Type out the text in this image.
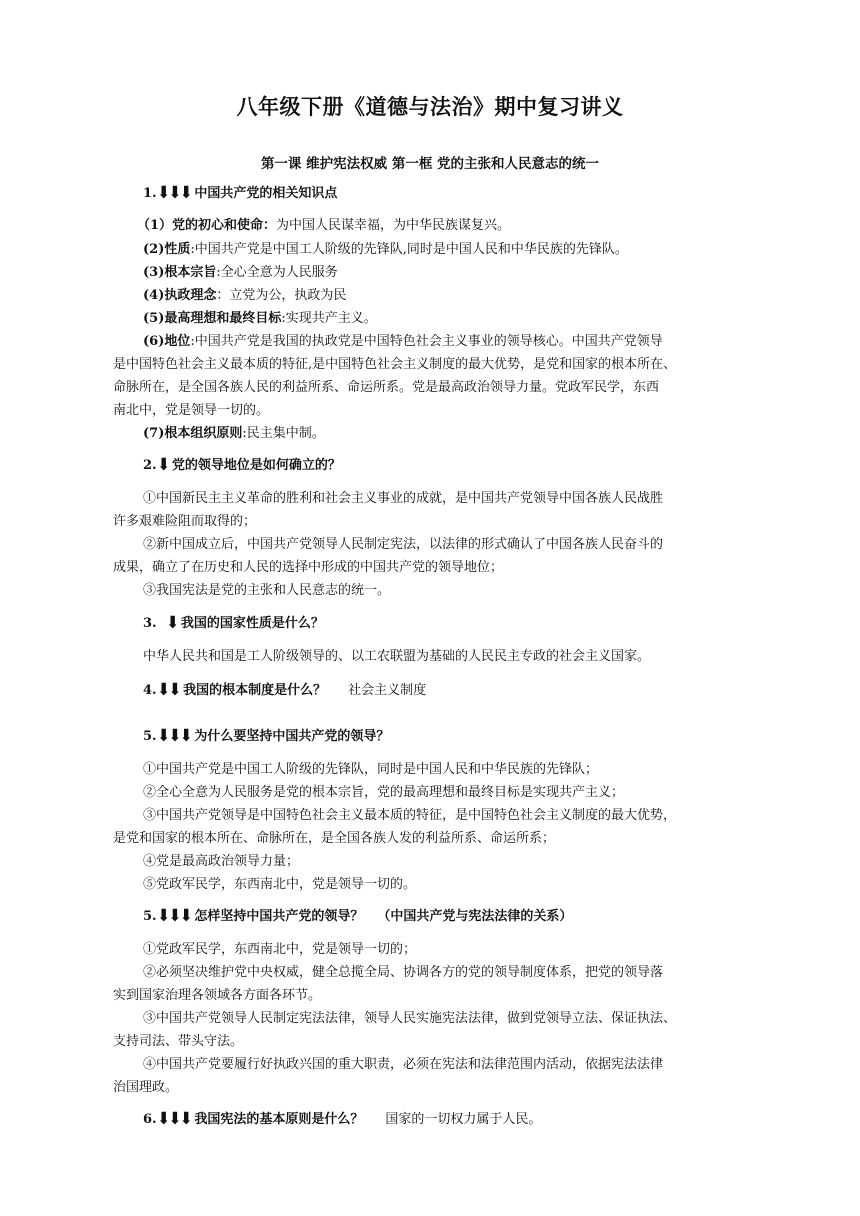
八年级下册《道德与法治》期中复习讲义
第一课 维护宪法权威 第一框 党的主张和人民意志的统一
1.⬇⬇⬇ 中国共产党的相关知识点
（1）党的初心和使命：为中国人民谋幸福，为中华民族谋复兴。
(2)性质:中国共产党是中国工人阶级的先锋队,同时是中国人民和中华民族的先锋队。
(3)根本宗旨:全心全意为人民服务
(4)执政理念：立党为公，执政为民
(5)最高理想和最终目标:实现共产主义。
(6)地位:中国共产党是我国的执政党是中国特色社会主义事业的领导核心。中国共产党领导
是中国特色社会主义最本质的特征,是中国特色社会主义制度的最大优势，是党和国家的根本所在、
命脉所在，是全国各族人民的利益所系、命运所系。党是最高政治领导力量。党政军民学，东西
南北中，党是领导一切的。
(7)根本组织原则:民主集中制。
2.⬇ 党的领导地位是如何确立的？
①中国新民主主义革命的胜利和社会主义事业的成就，是中国共产党领导中国各族人民战胜
许多艰难险阻而取得的；
②新中国成立后，中国共产党领导人民制定宪法，以法律的形式确认了中国各族人民奋斗的
成果，确立了在历史和人民的选择中形成的中国共产党的领导地位；
③我国宪法是党的主张和人民意志的统一。
3. ⬇ 我国的国家性质是什么？
中华人民共和国是工人阶级领导的、以工农联盟为基础的人民民主专政的社会主义国家。
4.⬇⬇ 我国的根本制度是什么？ 社会主义制度
5.⬇⬇⬇ 为什么要坚持中国共产党的领导？
①中国共产党是中国工人阶级的先锋队，同时是中国人民和中华民族的先锋队；
②全心全意为人民服务是党的根本宗旨，党的最高理想和最终目标是实现共产主义；
③中国共产党领导是中国特色社会主义最本质的特征，是中国特色社会主义制度的最大优势，
是党和国家的根本所在、命脉所在，是全国各族人发的利益所系、命运所系；
④党是最高政治领导力量；
⑤党政军民学，东西南北中，党是领导一切的。
5.⬇⬇⬇ 怎样坚持中国共产党的领导？ （中国共产党与宪法法律的关系）
①党政军民学，东西南北中，党是领导一切的；
②必须坚决维护党中央权威，健全总揽全局、协调各方的党的领导制度体系，把党的领导落
实到国家治理各领域各方面各环节。
③中国共产党领导人民制定宪法法律，领导人民实施宪法法律，做到党领导立法、保证执法、
支持司法、带头守法。
④中国共产党要履行好执政兴国的重大职责，必须在宪法和法律范围内活动，依据宪法法律
治国理政。
6.⬇⬇⬇ 我国宪法的基本原则是什么？ 国家的一切权力属于人民。
